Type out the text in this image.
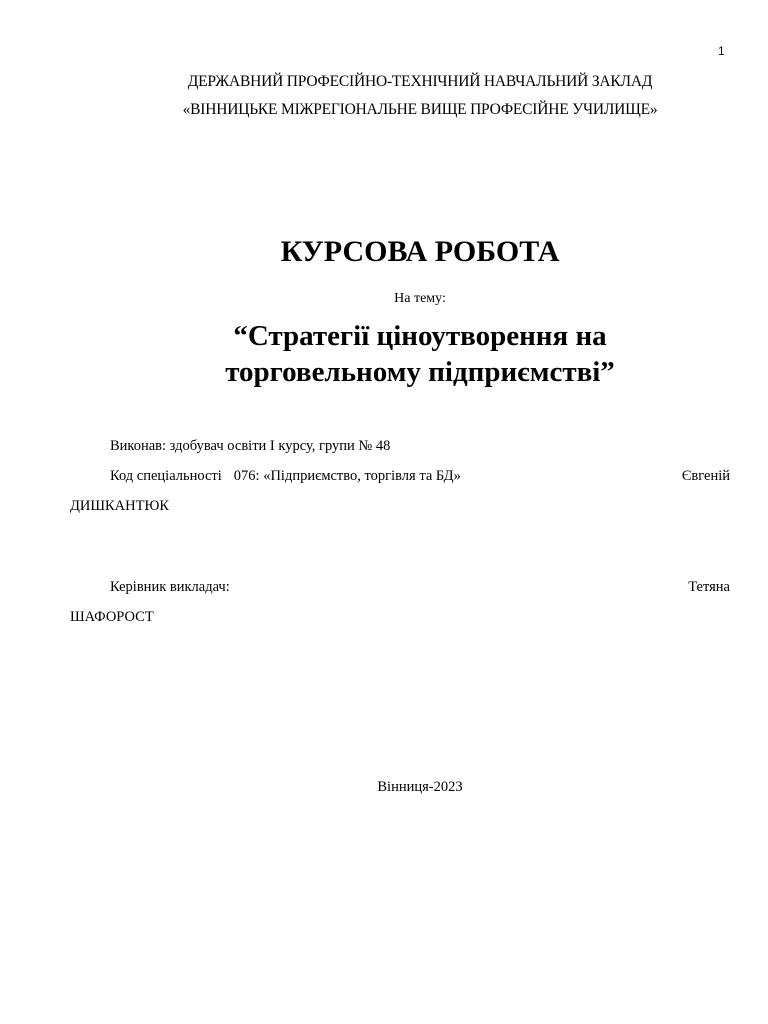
1
ДЕРЖАВНИЙ ПРОФЕСІЙНО-ТЕХНІЧНИЙ НАВЧАЛЬНИЙ ЗАКЛАД
«ВІННИЦЬКЕ МІЖРЕГІОНАЛЬНЕ ВИЩЕ ПРОФЕСІЙНЕ УЧИЛИЩЕ»
КУРСОВА РОБОТА
На тему:
“Стратегії ціноутворення на
торговельному підприємстві”
Виконав: здобувач освіти І курсу, групи № 48
Код спеціальності 076: «Підприємство, торгівля та БД»	Євгеній
ДИШКАНТЮК
Керівник викладач:	Тетяна
ШАФОРОСТ
Вінниця-2023
